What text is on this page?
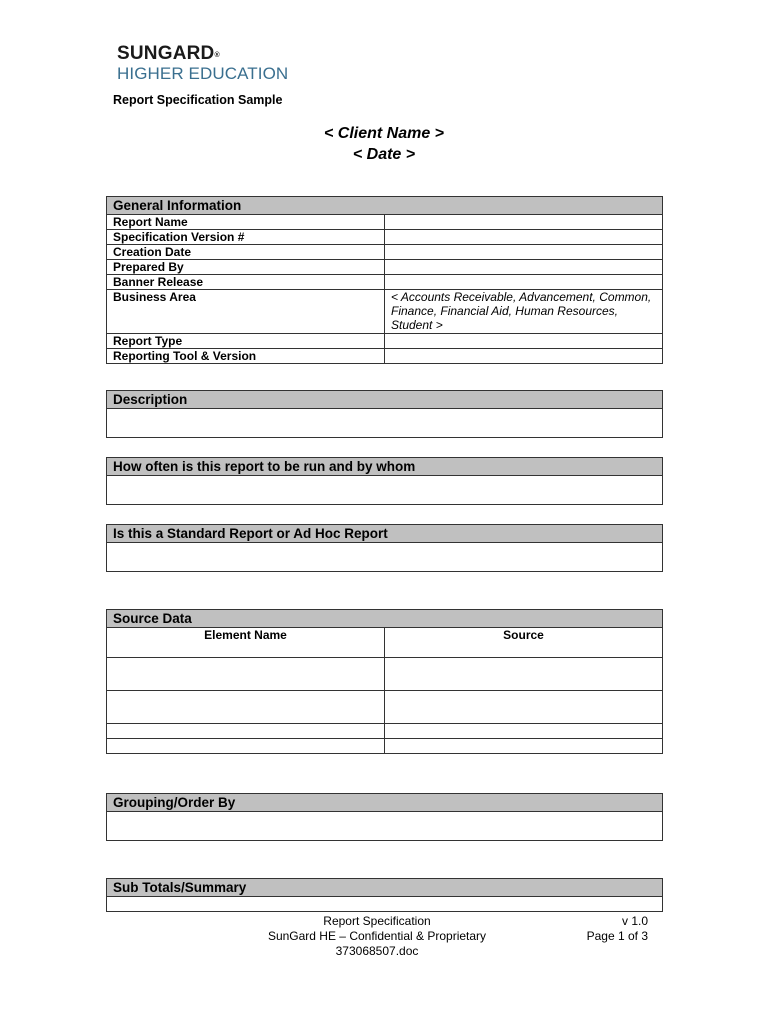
SUNGARD®
HIGHER EDUCATION
Report Specification Sample
< Client Name >
< Date >
General Information	
Report Name	
Specification Version #	
Creation Date	
Prepared By	
Banner Release	
Business Area	< Accounts Receivable, Advancement, Common, Finance, Financial Aid, Human Resources, Student >
Report Type	
Reporting Tool & Version	
Description

How often is this report to be run and by whom

Is this a Standard Report or Ad Hoc Report

Source Data	
Element Name	Source

Grouping/Order By

Sub Totals/Summary

Report Specification
SunGard HE – Confidential & Proprietary
373068507.doc
v 1.0
Page 1 of 3
